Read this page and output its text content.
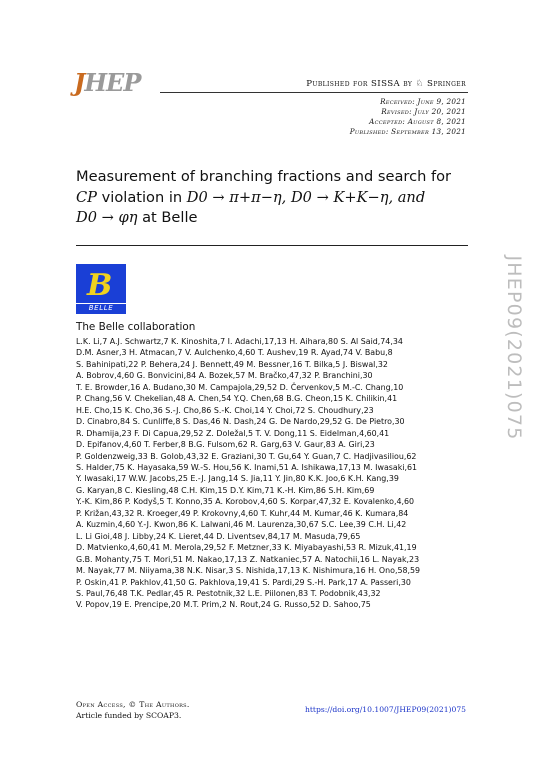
JHEP	Published for SISSA by ♘ Springer
Received: June 9, 2021
Revised: July 20, 2021
Accepted: August 8, 2021
Published: September 13, 2021
Measurement of branching fractions and search for
CP violation in D0 → π+π−η, D0 → K+K−η, and
D0 → φη at Belle
B
BELLE
The Belle collaboration
L.K. Li,7 A.J. Schwartz,7 K. Kinoshita,7 I. Adachi,17,13 H. Aihara,80 S. Al Said,74,34
D.M. Asner,3 H. Atmacan,7 V. Aulchenko,4,60 T. Aushev,19 R. Ayad,74 V. Babu,8
S. Bahinipati,22 P. Behera,24 J. Bennett,49 M. Bessner,16 T. Bilka,5 J. Biswal,32
A. Bobrov,4,60 G. Bonvicini,84 A. Bozek,57 M. Bračko,47,32 P. Branchini,30
T. E. Browder,16 A. Budano,30 M. Campajola,29,52 D. Červenkov,5 M.-C. Chang,10
P. Chang,56 V. Chekelian,48 A. Chen,54 Y.Q. Chen,68 B.G. Cheon,15 K. Chilikin,41
H.E. Cho,15 K. Cho,36 S.-J. Cho,86 S.-K. Choi,14 Y. Choi,72 S. Choudhury,23
D. Cinabro,84 S. Cunliffe,8 S. Das,46 N. Dash,24 G. De Nardo,29,52 G. De Pietro,30
R. Dhamija,23 F. Di Capua,29,52 Z. Doležal,5 T. V. Dong,11 S. Eidelman,4,60,41
D. Epifanov,4,60 T. Ferber,8 B.G. Fulsom,62 R. Garg,63 V. Gaur,83 A. Giri,23
P. Goldenzweig,33 B. Golob,43,32 E. Graziani,30 T. Gu,64 Y. Guan,7 C. Hadjivasiliou,62
S. Halder,75 K. Hayasaka,59 W.-S. Hou,56 K. Inami,51 A. Ishikawa,17,13 M. Iwasaki,61
Y. Iwasaki,17 W.W. Jacobs,25 E.-J. Jang,14 S. Jia,11 Y. Jin,80 K.K. Joo,6 K.H. Kang,39
G. Karyan,8 C. Kiesling,48 C.H. Kim,15 D.Y. Kim,71 K.-H. Kim,86 S.H. Kim,69
Y.-K. Kim,86 P. Kodyš,5 T. Konno,35 A. Korobov,4,60 S. Korpar,47,32 E. Kovalenko,4,60
P. Križan,43,32 R. Kroeger,49 P. Krokovny,4,60 T. Kuhr,44 M. Kumar,46 K. Kumara,84
A. Kuzmin,4,60 Y.-J. Kwon,86 K. Lalwani,46 M. Laurenza,30,67 S.C. Lee,39 C.H. Li,42
L. Li Gioi,48 J. Libby,24 K. Lieret,44 D. Liventsev,84,17 M. Masuda,79,65
D. Matvienko,4,60,41 M. Merola,29,52 F. Metzner,33 K. Miyabayashi,53 R. Mizuk,41,19
G.B. Mohanty,75 T. Mori,51 M. Nakao,17,13 Z. Natkaniec,57 A. Natochii,16 L. Nayak,23
M. Nayak,77 M. Niiyama,38 N.K. Nisar,3 S. Nishida,17,13 K. Nishimura,16 H. Ono,58,59
P. Oskin,41 P. Pakhlov,41,50 G. Pakhlova,19,41 S. Pardi,29 S.-H. Park,17 A. Passeri,30
S. Paul,76,48 T.K. Pedlar,45 R. Pestotnik,32 L.E. Piilonen,83 T. Podobnik,43,32
V. Popov,19 E. Prencipe,20 M.T. Prim,2 N. Rout,24 G. Russo,52 D. Sahoo,75
Open Access, © The Authors.
Article funded by SCOAP3.
https://doi.org/10.1007/JHEP09(2021)075
JHEP09(2021)075
